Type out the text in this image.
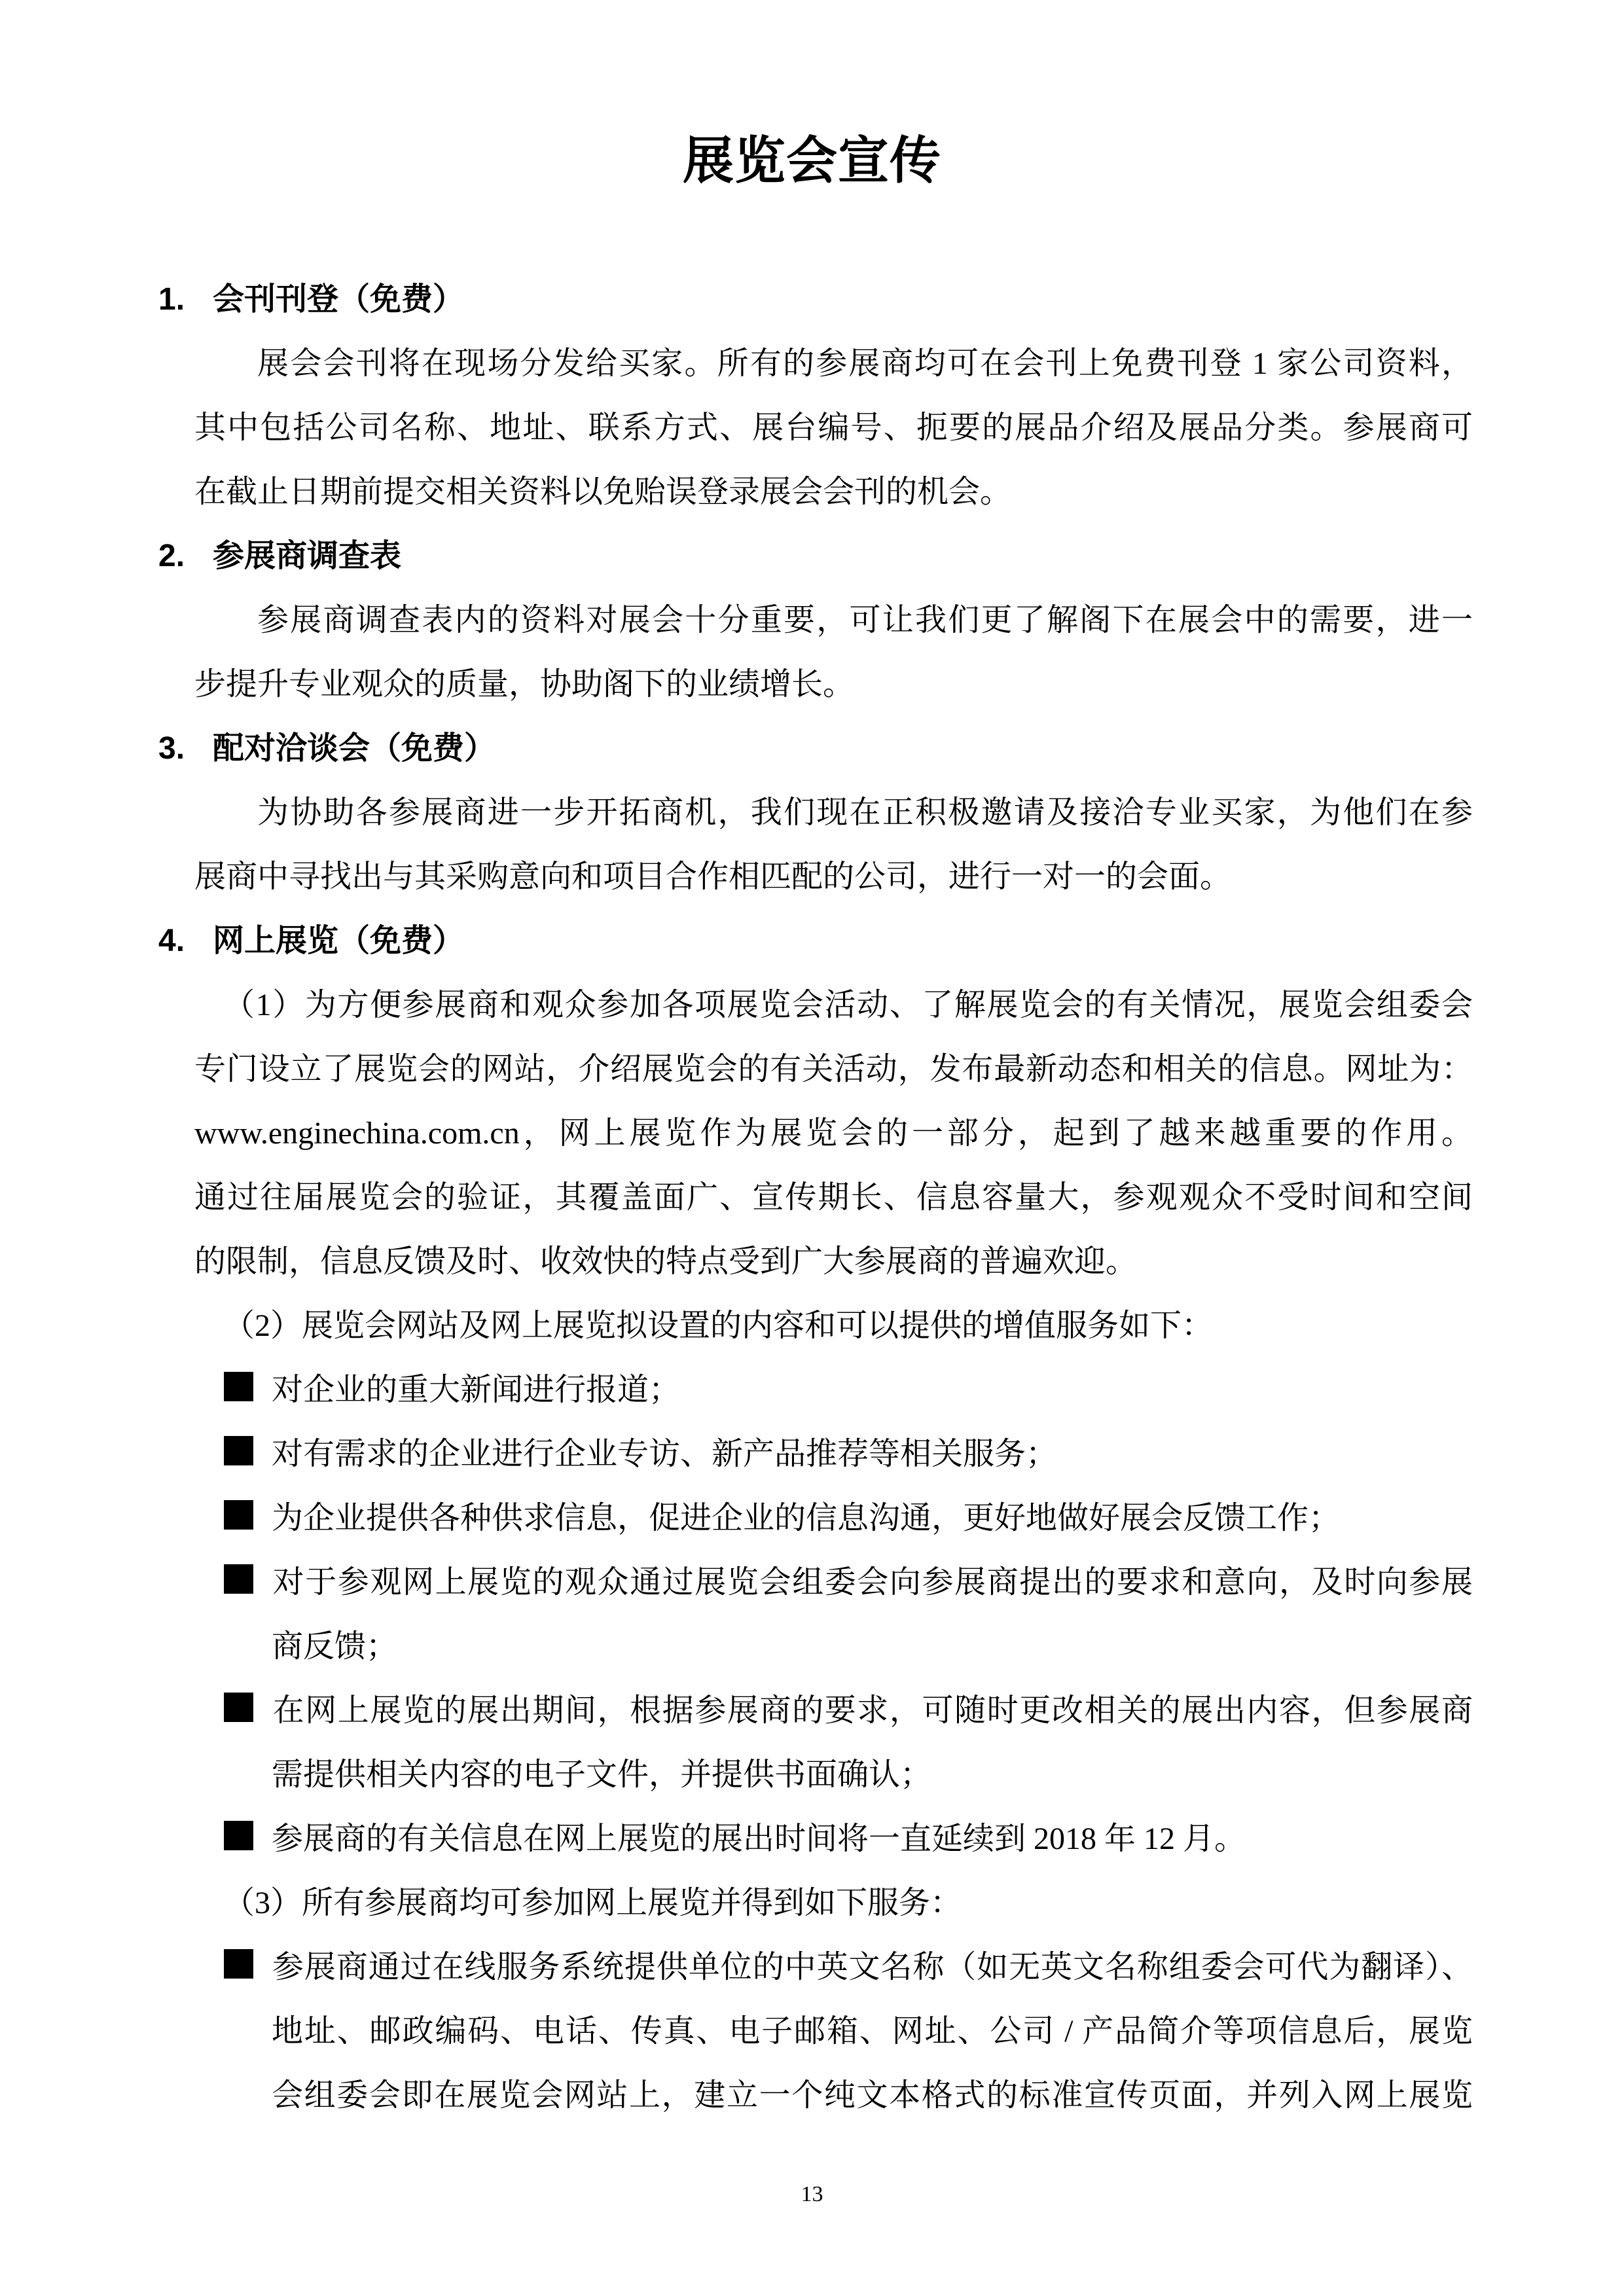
展览会宣传
1. 会刊刊登（免费）
展会会刊将在现场分发给买家。所有的参展商均可在会刊上免费刊登 1 家公司资料，
其中包括公司名称、地址、联系方式、展台编号、扼要的展品介绍及展品分类。参展商可
在截止日期前提交相关资料以免贻误登录展会会刊的机会。
2. 参展商调查表
参展商调查表内的资料对展会十分重要，可让我们更了解阁下在展会中的需要，进一
步提升专业观众的质量，协助阁下的业绩增长。
3. 配对洽谈会（免费）
为协助各参展商进一步开拓商机，我们现在正积极邀请及接洽专业买家，为他们在参
展商中寻找出与其采购意向和项目合作相匹配的公司，进行一对一的会面。
4. 网上展览（免费）
（1）为方便参展商和观众参加各项展览会活动、了解展览会的有关情况，展览会组委会
专门设立了展览会的网站，介绍展览会的有关活动，发布最新动态和相关的信息。网址为：
www.enginechina.com.cn，网上展览作为展览会的一部分，起到了越来越重要的作用。
通过往届展览会的验证，其覆盖面广、宣传期长、信息容量大，参观观众不受时间和空间
的限制，信息反馈及时、收效快的特点受到广大参展商的普遍欢迎。
（2）展览会网站及网上展览拟设置的内容和可以提供的增值服务如下：
对企业的重大新闻进行报道；
对有需求的企业进行企业专访、新产品推荐等相关服务；
为企业提供各种供求信息，促进企业的信息沟通，更好地做好展会反馈工作；
对于参观网上展览的观众通过展览会组委会向参展商提出的要求和意向，及时向参展
商反馈；
在网上展览的展出期间，根据参展商的要求，可随时更改相关的展出内容，但参展商
需提供相关内容的电子文件，并提供书面确认；
参展商的有关信息在网上展览的展出时间将一直延续到 2018 年 12 月。
（3）所有参展商均可参加网上展览并得到如下服务：
参展商通过在线服务系统提供单位的中英文名称（如无英文名称组委会可代为翻译）、
地址、邮政编码、电话、传真、电子邮箱、网址、公司 / 产品简介等项信息后，展览
会组委会即在展览会网站上，建立一个纯文本格式的标准宣传页面，并列入网上展览
13
